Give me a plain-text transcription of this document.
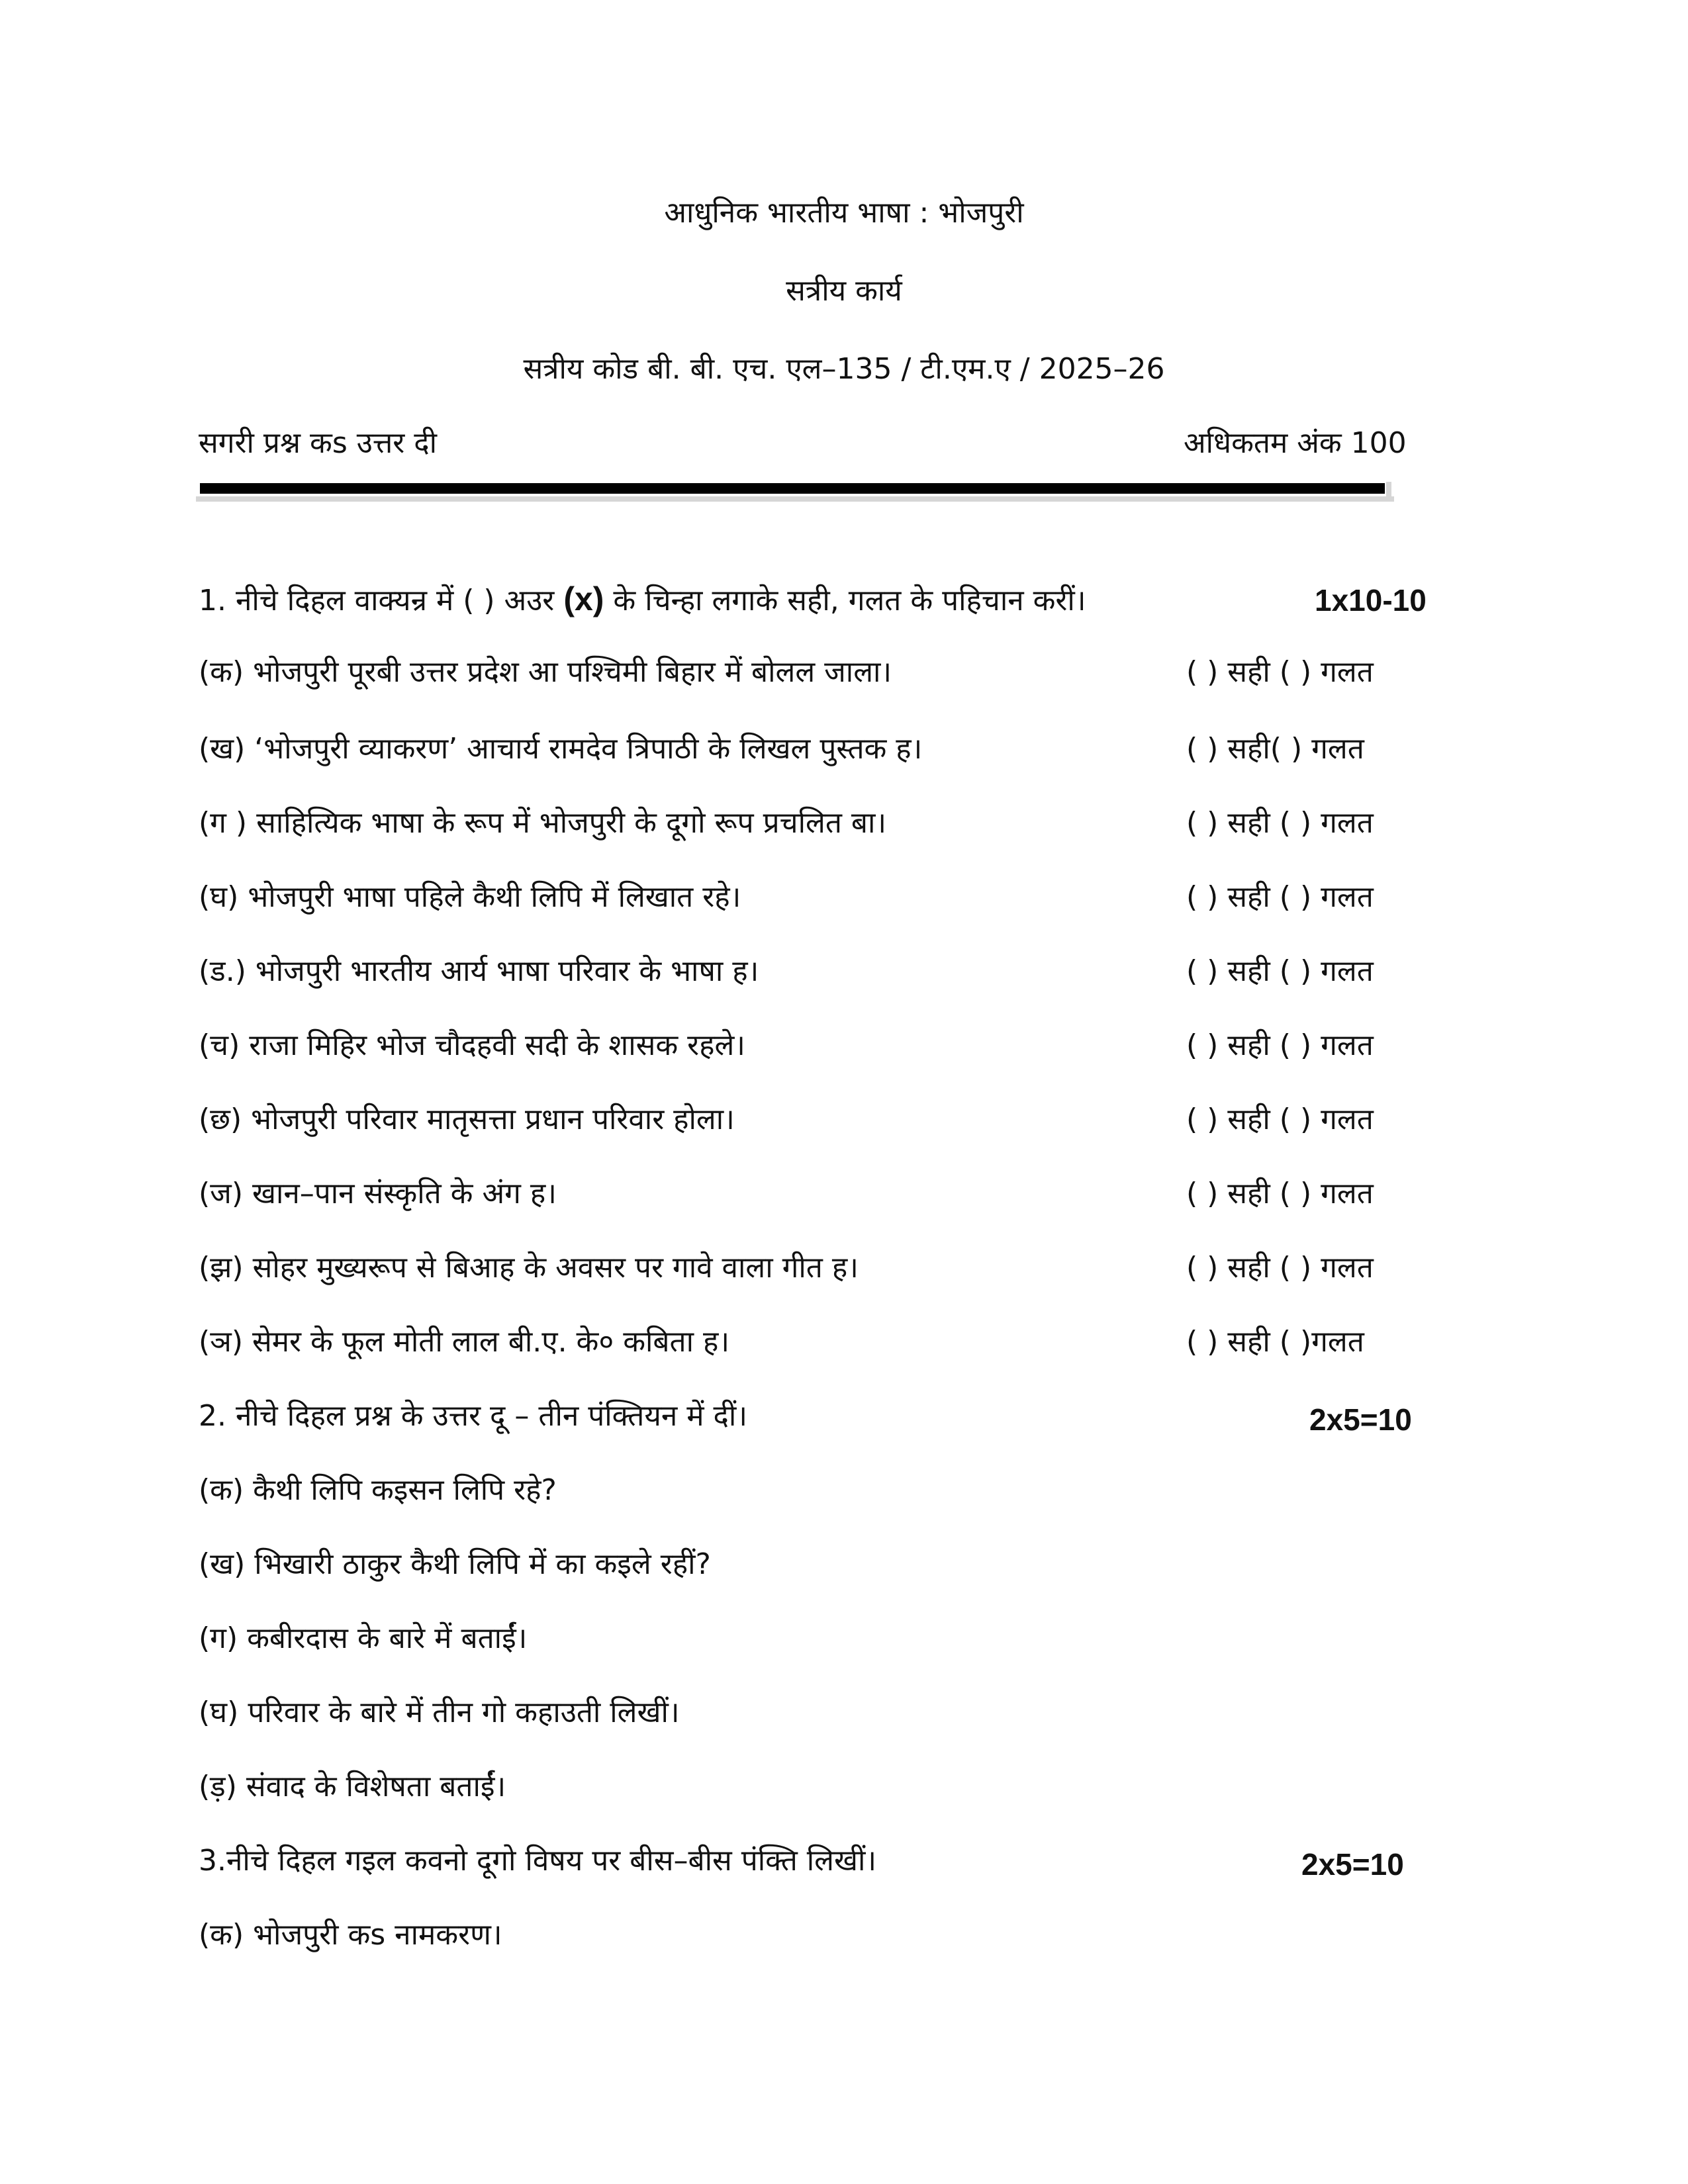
आधुनिक भारतीय भाषा : भोजपुरी
सत्रीय कार्य
सत्रीय कोड बी. बी. एच. एल–135 / टी.एम.ए / 2025–26
सगरी प्रश्न कs उत्तर दी	अधिकतम अंक 100
1. नीचे दिहल वाक्यन्र में ( ) अउर (x) के चिन्हा लगाके सही, गलत के पहिचान करीं।	1x10-10
(क) भोजपुरी पूरबी उत्तर प्रदेश आ पश्चिमी बिहार में बोलल जाला।	( ) सही ( ) गलत
(ख) ‘भोजपुरी व्याकरण’ आचार्य रामदेव त्रिपाठी के लिखल पुस्तक ह।	( ) सही( ) गलत
(ग ) साहित्यिक भाषा के रूप में भोजपुरी के दूगो रूप प्रचलित बा।	( ) सही ( ) गलत
(घ) भोजपुरी भाषा पहिले कैथी लिपि में लिखात रहे।	( ) सही ( ) गलत
(ड.) भोजपुरी भारतीय आर्य भाषा परिवार के भाषा ह।	( ) सही ( ) गलत
(च) राजा मिहिर भोज चौदहवी सदी के शासक रहले।	( ) सही ( ) गलत
(छ) भोजपुरी परिवार मातृसत्ता प्रधान परिवार होला।	( ) सही ( ) गलत
(ज) खान–पान संस्कृति के अंग ह।	( ) सही ( ) गलत
(झ) सोहर मुख्यरूप से बिआह के अवसर पर गावे वाला गीत ह।	( ) सही ( ) गलत
(ञ) सेमर के फूल मोती लाल बी.ए. के० कबिता ह।	( ) सही ( )गलत
2. नीचे दिहल प्रश्न के उत्तर दू – तीन पंक्तियन में दीं।	2x5=10
(क) कैथी लिपि कइसन लिपि रहे?
(ख) भिखारी ठाकुर कैथी लिपि में का कइले रहीं?
(ग) कबीरदास के बारे में बताईं।
(घ) परिवार के बारे में तीन गो कहाउती लिखीं।
(ड़) संवाद के विशेषता बताईं।
3.नीचे दिहल गइल कवनो दूगो विषय पर बीस–बीस पंक्ति लिखीं।	2x5=10
(क) भोजपुरी कs नामकरण।
